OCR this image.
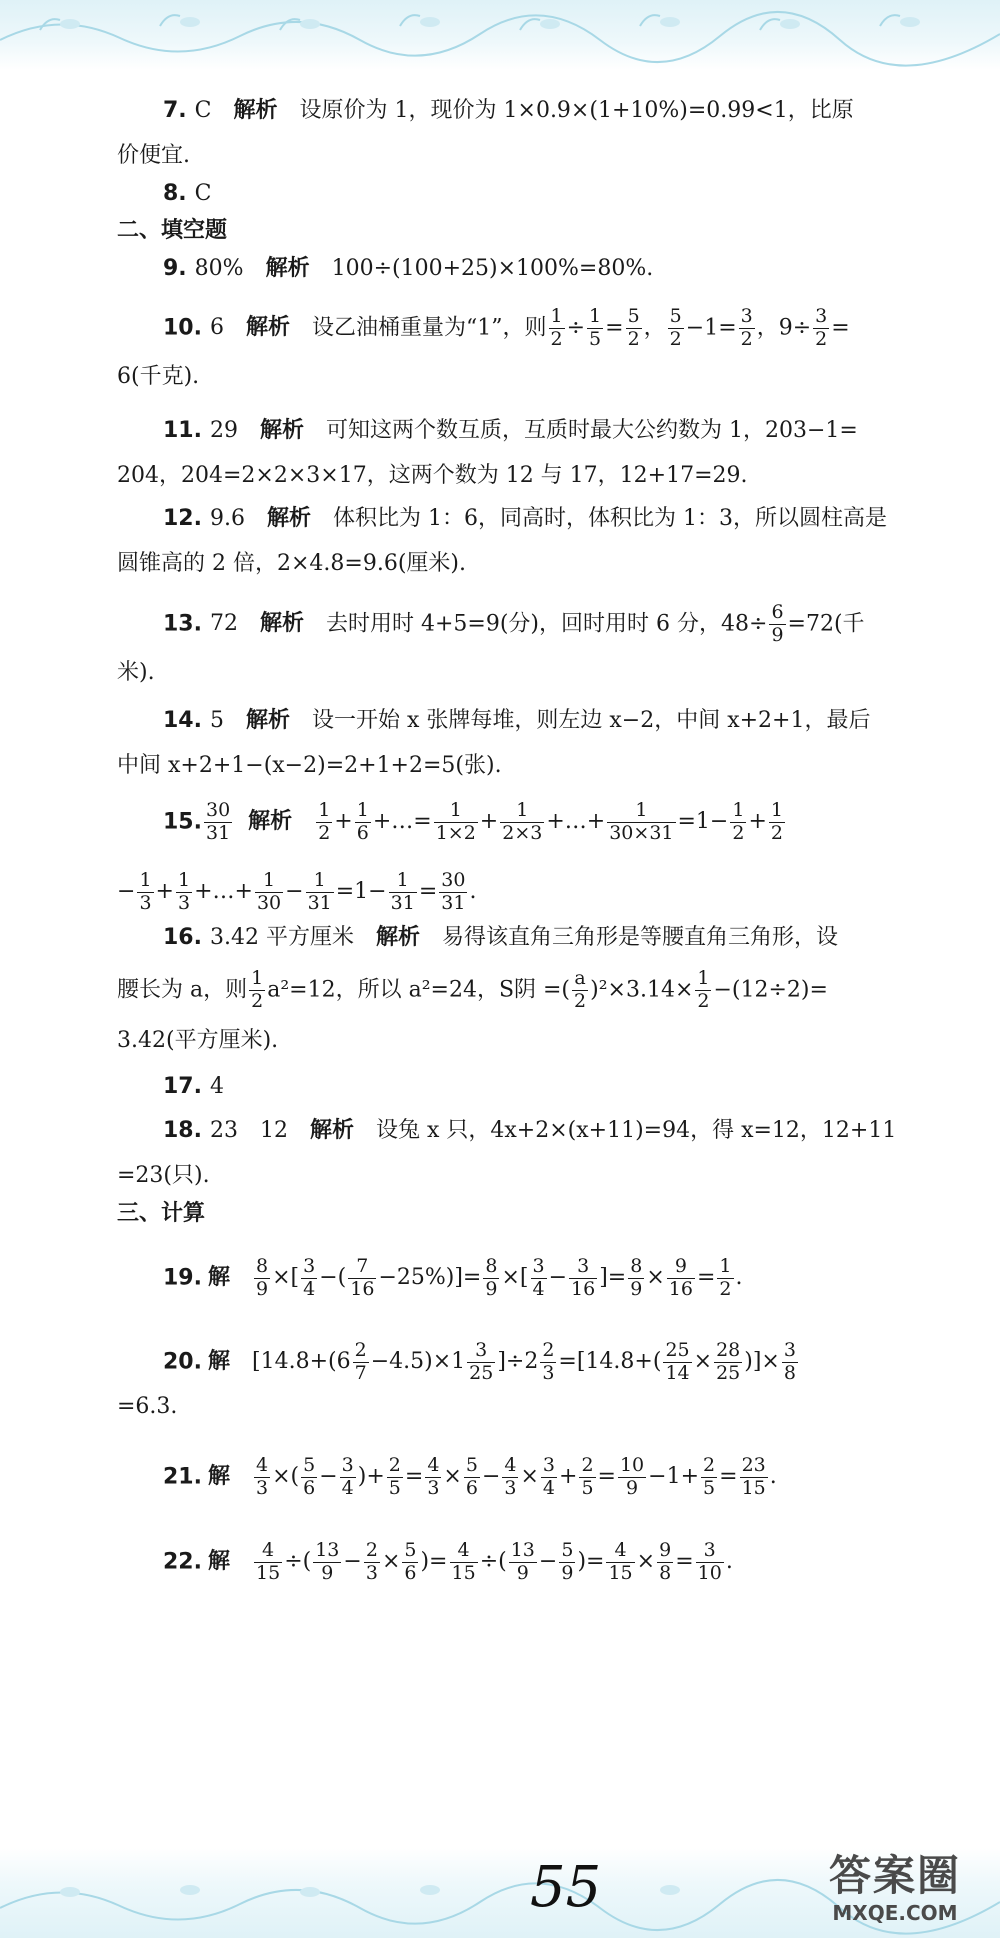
7. C 解析 设原价为 1，现价为 1×0.9×(1+10%)=0.99<1，比原
价便宜.
8. C
二、填空题
9. 80% 解析 100÷(100+25)×100%=80%.
10. 6 解析 设乙油桶重量为“1”，则 $\frac{1}{2} \div \frac{1}{5} = \frac{5}{2}$ ， $\frac{5}{2} -1= \frac{3}{2}$ ，$9\div \frac{3}{2}$ =
6(千克).
11. 29 解析 可知这两个数互质，互质时最大公约数为 1，203−1=
204，204=2×2×3×17，这两个数为 12 与 17，12+17=29.
12. 9.6 解析 体积比为 1：6，同高时，体积比为 1：3，所以圆柱高是
圆锥高的 2 倍，2×4.8=9.6(厘米).
13. 72 解析 去时用时 4+5=9(分)，回时用时 6 分，$48\div \frac{6}{9} =72$(千
米).
14. 5 解析 设一开始 x 张牌每堆，则左边 x−2，中间 x+2+1，最后
中间 x+2+1−(x−2)=2+1+2=5(张).
15. $\frac{30}{31}$ 解析 $\frac{1}{2} + \frac{1}{6}$ +…= $\frac{1}{1\times 2} + \frac{1}{2\times 3}$ +…+ $\frac{1}{30\times 31} =1- \frac{1}{2} + \frac{1}{2}$
− $\frac{1}{3} + \frac{1}{3}$ +…+ $\frac{1}{30} - \frac{1}{31} =1- \frac{1}{31} = \frac{30}{31}$ .
16. 3.42 平方厘米 解析 易得该直角三角形是等腰直角三角形，设
腰长为 a，则 $\frac{1}{2} a^2=12$，所以 a²=24，S阴 =( $\frac{a}{2} )^2\times 3.14\times \frac{1}{2} -(12\div 2)=$
3.42(平方厘米).
17. 4
18. 23　12 解析 设兔 x 只，4x+2×(x+11)=94，得 x=12，12+11
=23(只).
三、计算
19. 解 $\frac{8}{9}$ ×[ $\frac{3}{4}$ −( $\frac{7}{16} -25\%)]= \frac{8}{9}$ ×[ $\frac{3}{4} - \frac{3}{16}$ ]= $\frac{8}{9} \times \frac{9}{16} = \frac{1}{2}$ .
20. 解 $[14.8+(6 \frac{2}{7} -4.5)\times 1 \frac{3}{25} ]\div 2 \frac{2}{3} =[14.8+( \frac{25}{14} \times \frac{28}{25}$ )]× $\frac{3}{8}$
=6.3.
21. 解 $\frac{4}{3}$ ×( $\frac{5}{6} - \frac{3}{4}$ )+ $\frac{2}{5} = \frac{4}{3} \times \frac{5}{6} - \frac{4}{3} \times \frac{3}{4} + \frac{2}{5} = \frac{10}{9} -1+ \frac{2}{5} = \frac{23}{15}$ .
22. 解 $\frac{4}{15}$ ÷( $\frac{13}{9} - \frac{2}{3} \times \frac{5}{6}$ )= $\frac{4}{15}$ ÷( $\frac{13}{9} - \frac{5}{9}$ )= $\frac{4}{15} \times \frac{9}{8} = \frac{3}{10}$ .
55	答案圈
MXQE.COM
